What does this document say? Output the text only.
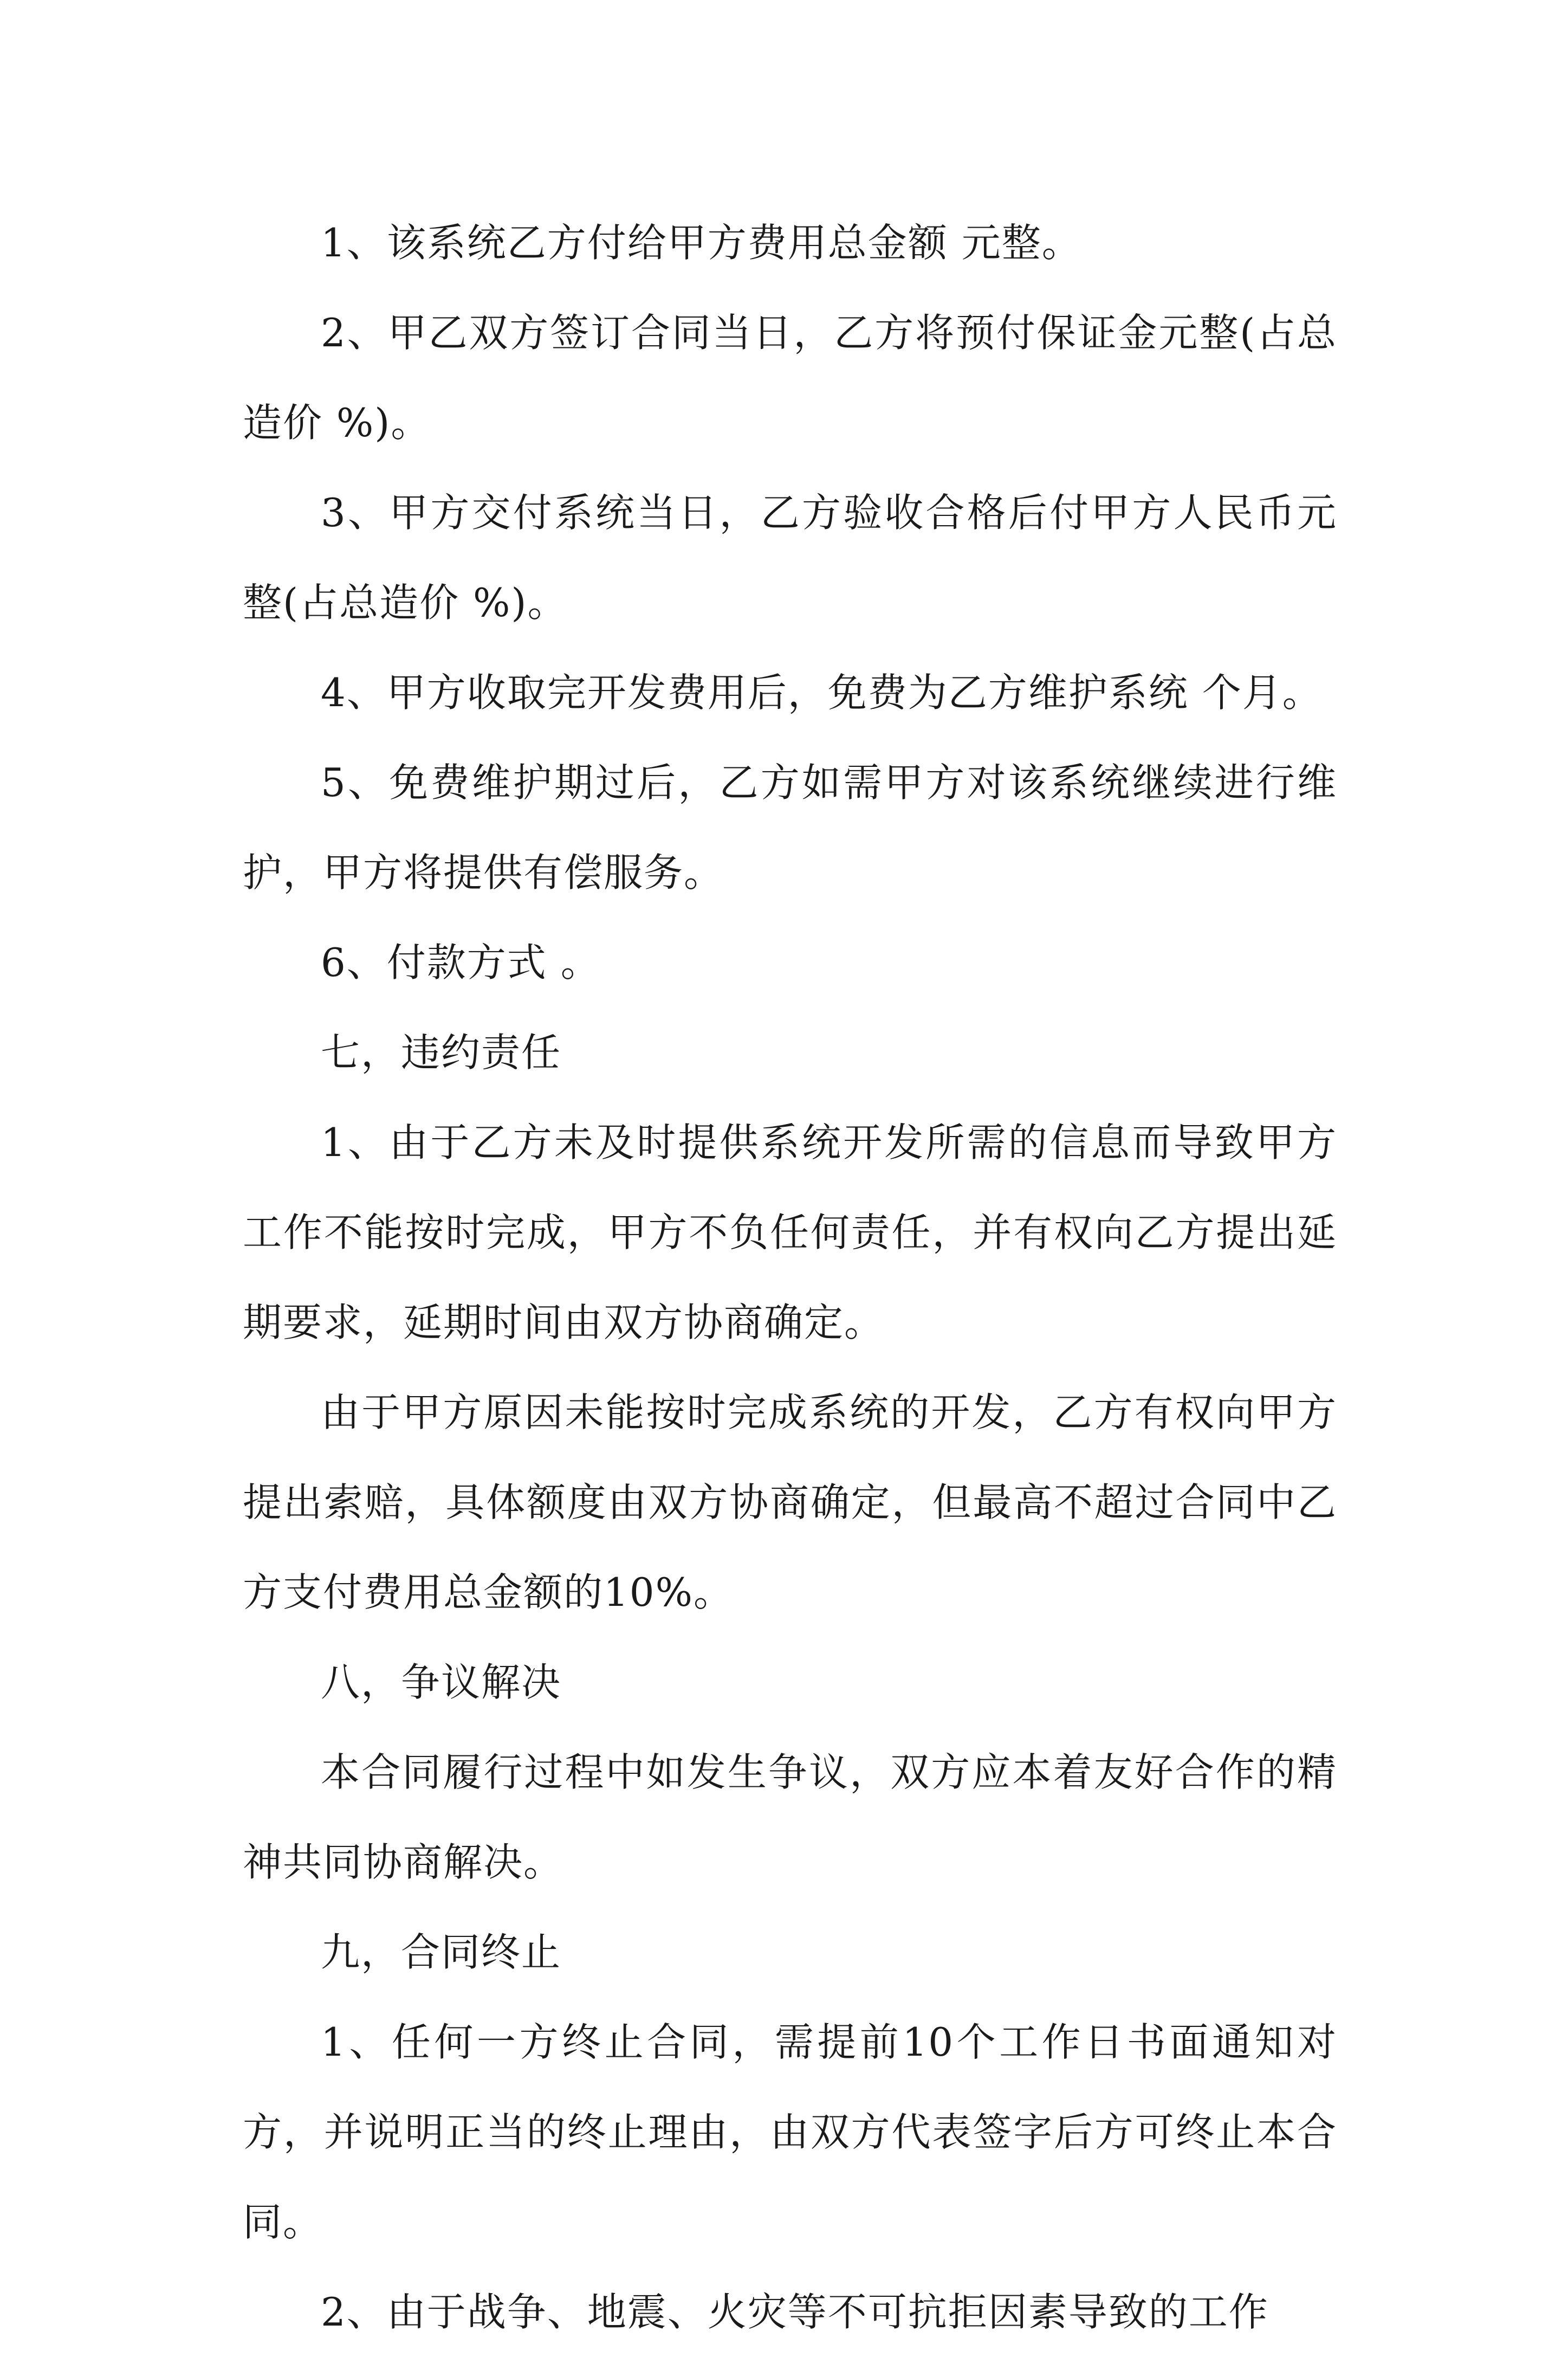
1、该系统乙方付给甲方费用总金额 元整。

2、甲乙双方签订合同当日，乙方将预付保证金元整(占总造价 %)。

3、甲方交付系统当日，乙方验收合格后付甲方人民币元整(占总造价 %)。

4、甲方收取完开发费用后，免费为乙方维护系统 个月。

5、免费维护期过后，乙方如需甲方对该系统继续进行维护，甲方将提供有偿服务。

6、付款方式 。

七，违约责任

1、由于乙方未及时提供系统开发所需的信息而导致甲方工作不能按时完成，甲方不负任何责任，并有权向乙方提出延期要求，延期时间由双方协商确定。

由于甲方原因未能按时完成系统的开发，乙方有权向甲方提出索赔，具体额度由双方协商确定，但最高不超过合同中乙方支付费用总金额的10%。

八，争议解决

本合同履行过程中如发生争议，双方应本着友好合作的精神共同协商解决。

九，合同终止

1、任何一方终止合同，需提前10个工作日书面通知对方，并说明正当的终止理由，由双方代表签字后方可终止本合同。

2、由于战争、地震、火灾等不可抗拒因素导致的工作
